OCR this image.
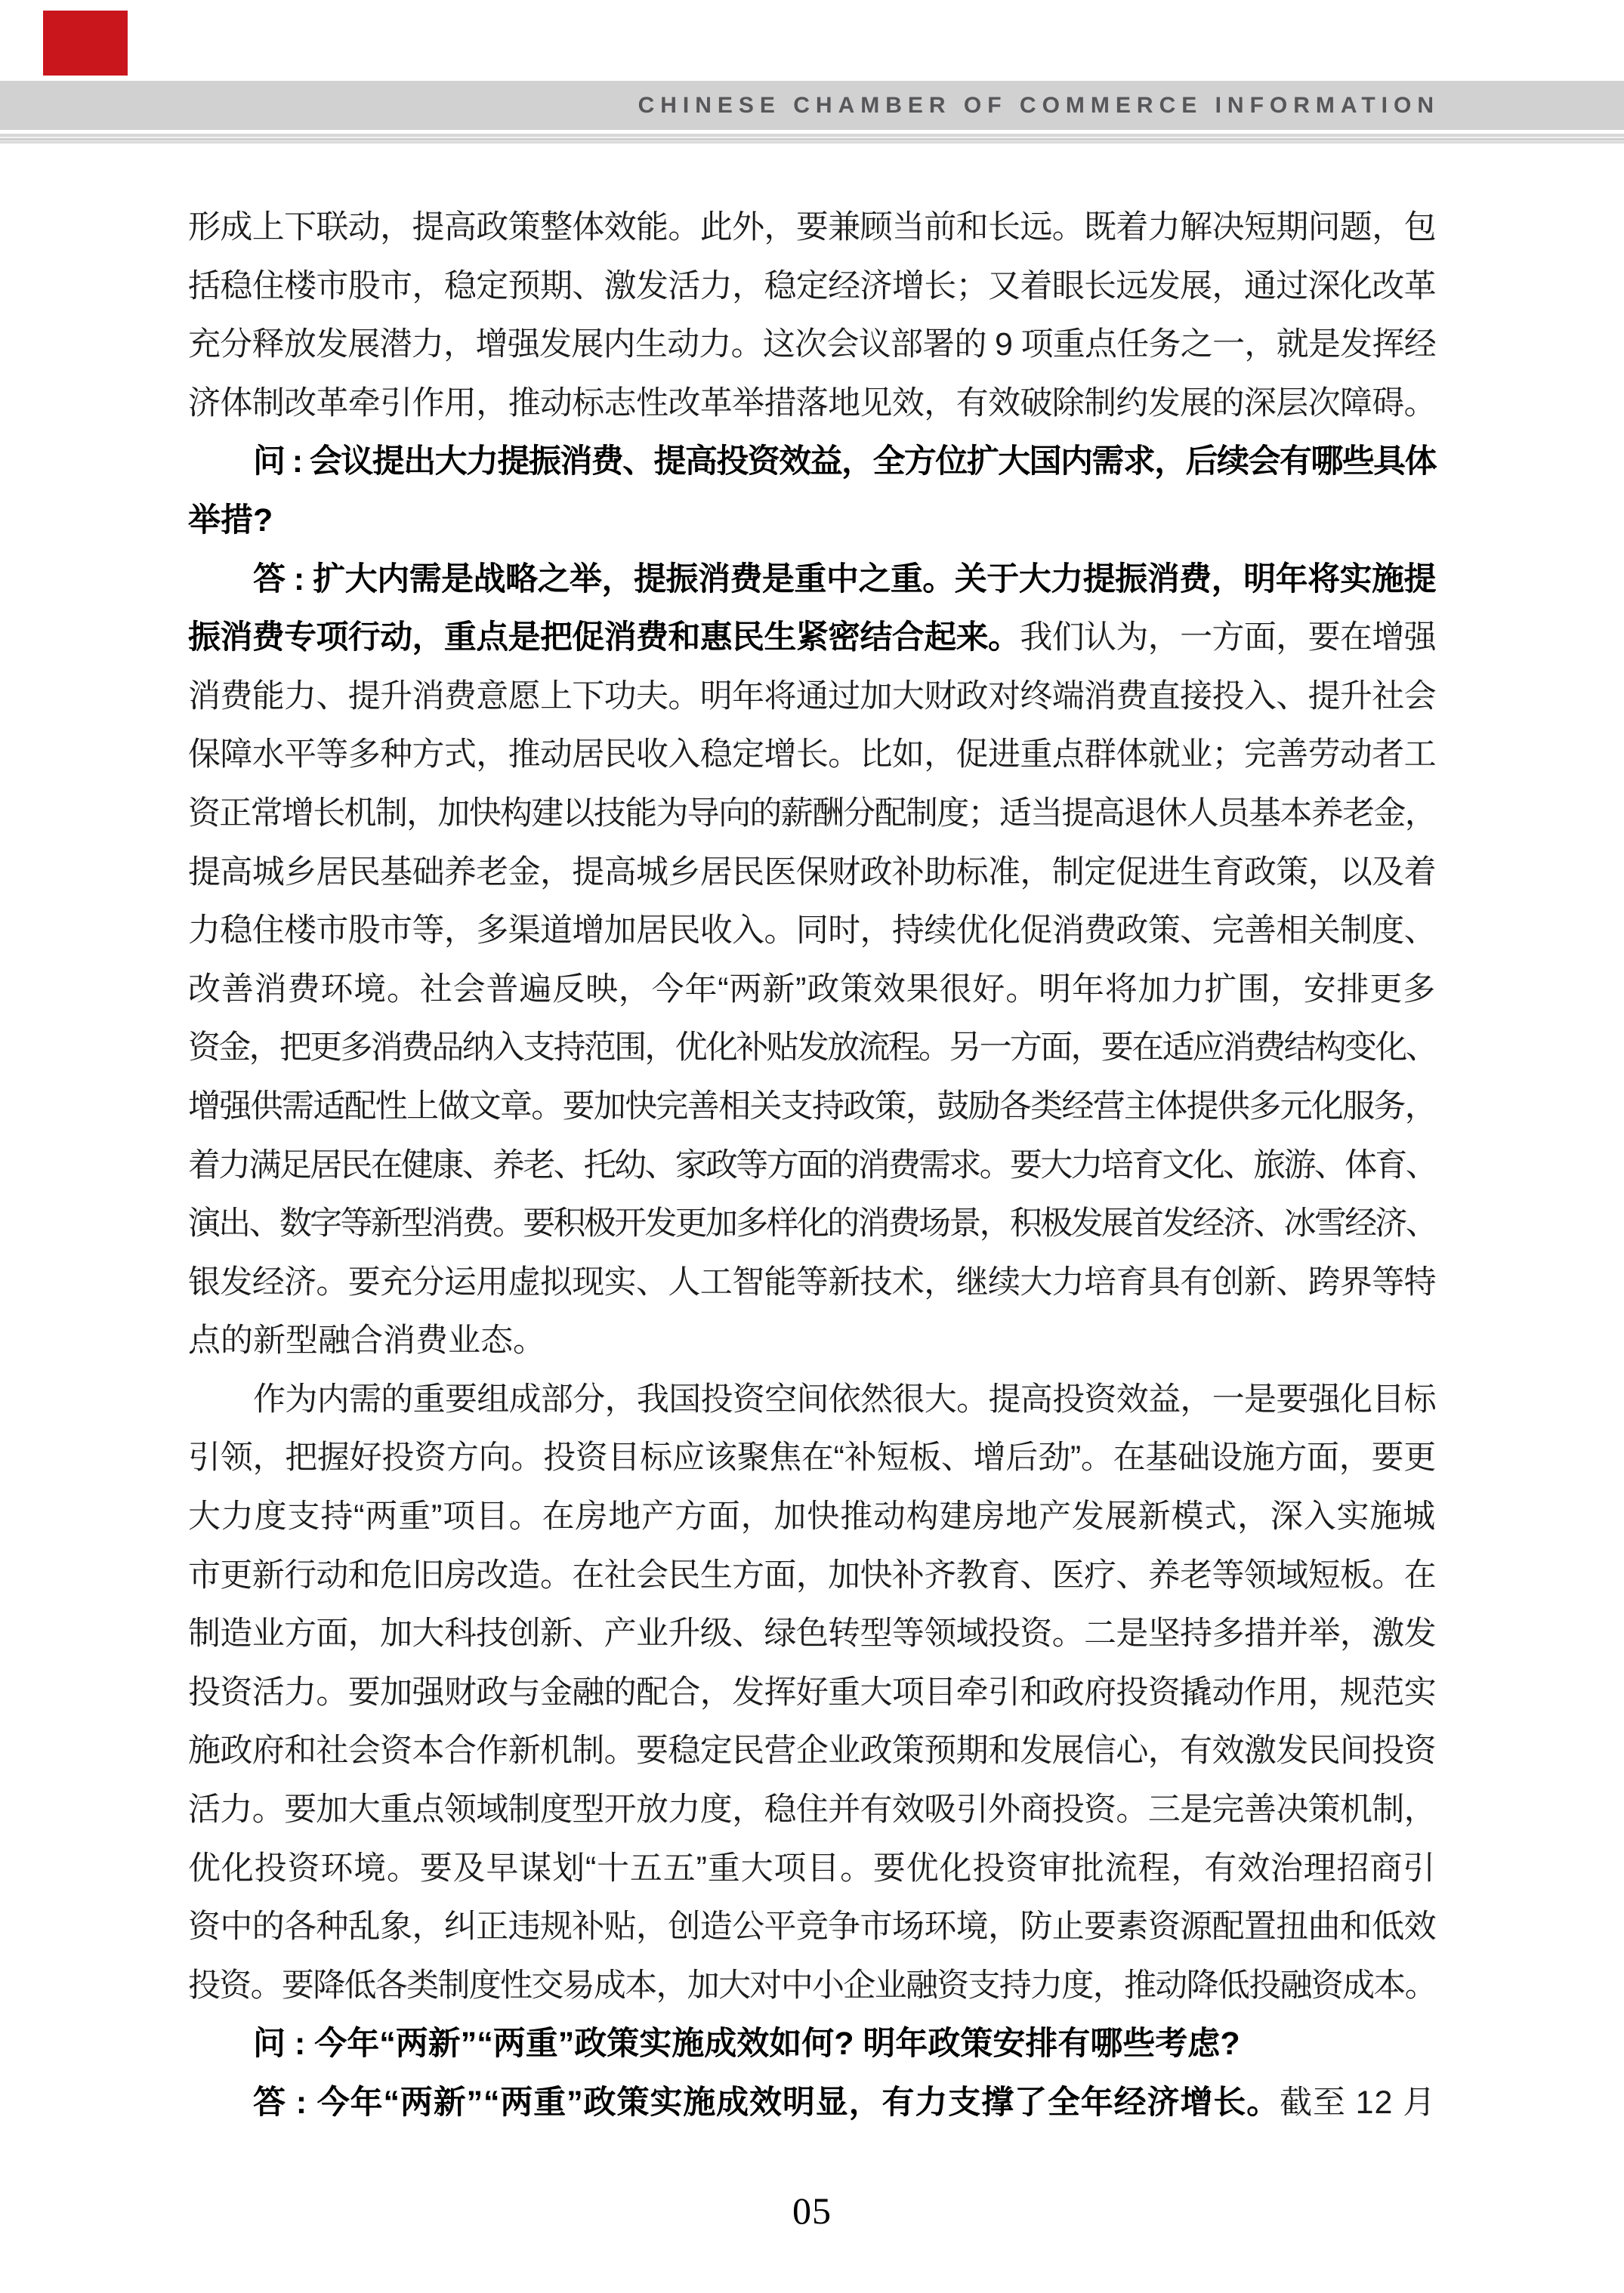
CHINESE CHAMBER OF COMMERCE INFORMATION
形成上下联动，提高政策整体效能。此外，要兼顾当前和长远。既着力解决短期问题，包
括稳住楼市股市，稳定预期、激发活力，稳定经济增长；又着眼长远发展，通过深化改革
充分释放发展潜力，增强发展内生动力。这次会议部署的 9 项重点任务之一，就是发挥经
济体制改革牵引作用，推动标志性改革举措落地见效，有效破除制约发展的深层次障碍。
问 : 会议提出大力提振消费、提高投资效益，全方位扩大国内需求，后续会有哪些具体
举措?
答 : 扩大内需是战略之举，提振消费是重中之重。关于大力提振消费，明年将实施提
振消费专项行动，重点是把促消费和惠民生紧密结合起来。我们认为，一方面，要在增强
消费能力、提升消费意愿上下功夫。明年将通过加大财政对终端消费直接投入、提升社会
保障水平等多种方式，推动居民收入稳定增长。比如，促进重点群体就业；完善劳动者工
资正常增长机制，加快构建以技能为导向的薪酬分配制度；适当提高退休人员基本养老金，
提高城乡居民基础养老金，提高城乡居民医保财政补助标准，制定促进生育政策，以及着
力稳住楼市股市等，多渠道增加居民收入。同时，持续优化促消费政策、完善相关制度、
改善消费环境。社会普遍反映，今年“两新”政策效果很好。明年将加力扩围，安排更多
资金，把更多消费品纳入支持范围，优化补贴发放流程。另一方面，要在适应消费结构变化、
增强供需适配性上做文章。要加快完善相关支持政策，鼓励各类经营主体提供多元化服务，
着力满足居民在健康、养老、托幼、家政等方面的消费需求。要大力培育文化、旅游、体育、
演出、数字等新型消费。要积极开发更加多样化的消费场景，积极发展首发经济、冰雪经济、
银发经济。要充分运用虚拟现实、人工智能等新技术，继续大力培育具有创新、跨界等特
点的新型融合消费业态。
作为内需的重要组成部分，我国投资空间依然很大。提高投资效益，一是要强化目标
引领，把握好投资方向。投资目标应该聚焦在“补短板、增后劲”。在基础设施方面，要更
大力度支持“两重”项目。在房地产方面，加快推动构建房地产发展新模式，深入实施城
市更新行动和危旧房改造。在社会民生方面，加快补齐教育、医疗、养老等领域短板。在
制造业方面，加大科技创新、产业升级、绿色转型等领域投资。二是坚持多措并举，激发
投资活力。要加强财政与金融的配合，发挥好重大项目牵引和政府投资撬动作用，规范实
施政府和社会资本合作新机制。要稳定民营企业政策预期和发展信心，有效激发民间投资
活力。要加大重点领域制度型开放力度，稳住并有效吸引外商投资。三是完善决策机制，
优化投资环境。要及早谋划“十五五”重大项目。要优化投资审批流程，有效治理招商引
资中的各种乱象，纠正违规补贴，创造公平竞争市场环境，防止要素资源配置扭曲和低效
投资。要降低各类制度性交易成本，加大对中小企业融资支持力度，推动降低投融资成本。
问 : 今年“两新”“两重”政策实施成效如何? 明年政策安排有哪些考虑?
答 : 今年“两新”“两重”政策实施成效明显，有力支撑了全年经济增长。截至 12 月
05
